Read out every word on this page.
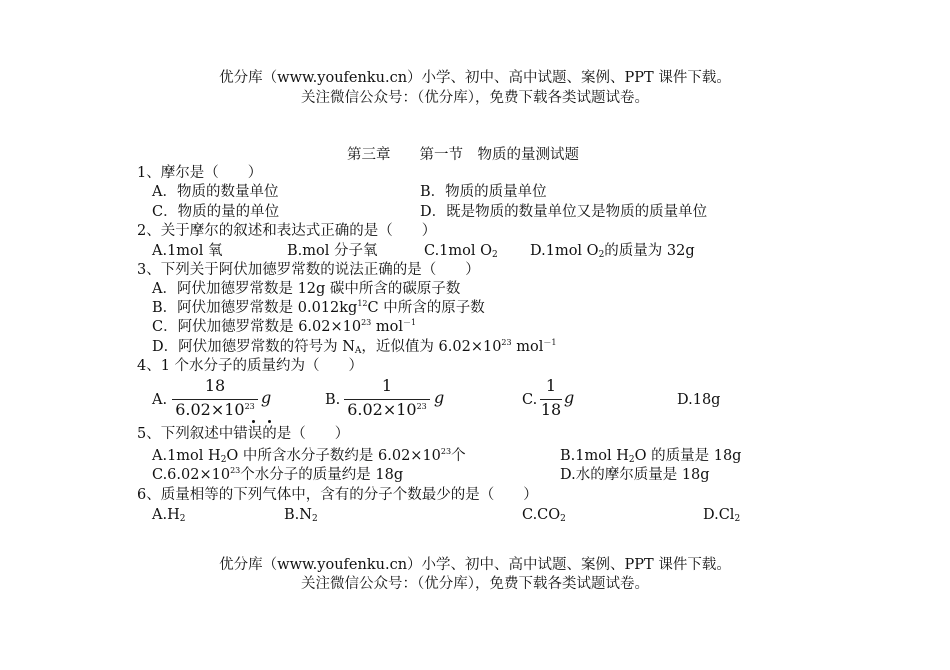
优分库（www.youfenku.cn）小学、初中、高中试题、案例、PPT 课件下载。
关注微信公众号：（优分库），免费下载各类试题试卷。
第三章　　第一节　物质的量测试题
1、摩尔是（　　）
A．物质的数量单位	B．物质的质量单位
C．物质的量的单位	D．既是物质的数量单位又是物质的质量单位
2、关于摩尔的叙述和表达式正确的是（　　）
A.1mol 氧	B.mol 分子氧	C.1mol $O_2$ D.1mol $O_2$的质量为 32g
3、下列关于阿伏加德罗常数的说法正确的是（　　）
A．阿伏加德罗常数是 12g 碳中所含的碳原子数
B．阿伏加德罗常数是 $0.012kg^{12}C$ 中所含的原子数
C．阿伏加德罗常数是 $6.02\times 10^{23}$ mol$^{-1}$
D．阿伏加德罗常数的符号为 $N_A$，近似值为 $6.02\times 10^{23}$ mol$^{-1}$
4、1 个水分子的质量约为（　　）
A.
18
$6.02\times 10^{23}$ g	B.
1
$6.02\times 10^{23}$ g	C.
1
18
g	D.18g
5、下列叙述中错误的是（　　）
A.1mol $H_2O$ 中所含水分子数约是 $6.02\times 10^{23}$个	B.1mol $H_2O$ 的质量是 18g
$C.6.02\times 10^{23}$个水分子的质量约是 18g	D.水的摩尔质量是 18g
6、质量相等的下列气体中，含有的分子个数最少的是（　　）
$A.H_2$	$B.N_2$	$C.CO_2$	$D.Cl_2$
优分库（www.youfenku.cn）小学、初中、高中试题、案例、PPT 课件下载。
关注微信公众号：（优分库），免费下载各类试题试卷。
